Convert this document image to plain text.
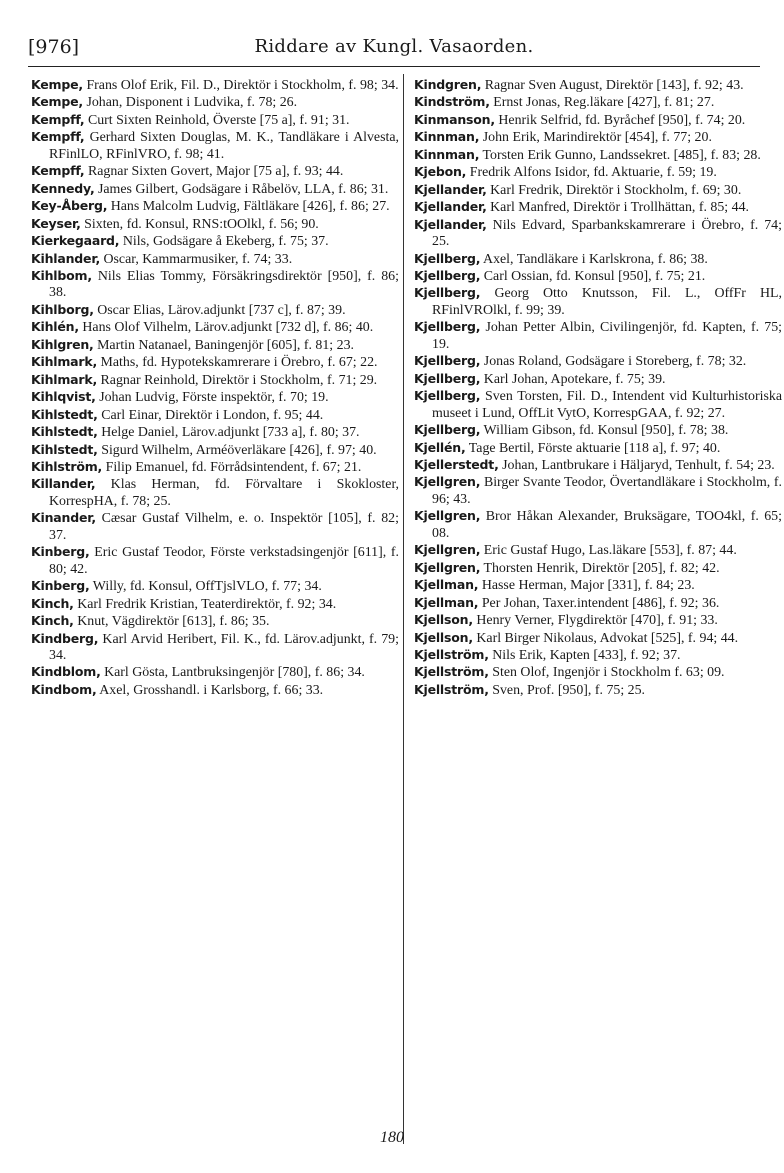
[976]	Riddare av Kungl. Vasaorden.

Kempe, Frans Olof Erik, Fil. D., Direktör i Stockholm, f. 98; 34.

Kempe, Johan, Disponent i Ludvika, f. 78; 26.

Kempff, Curt Sixten Reinhold, Överste [75 a], f. 91; 31.

Kempff, Gerhard Sixten Douglas, M. K., Tandläkare i Alvesta, RFinlLO, RFinlVRO, f. 98; 41.

Kempff, Ragnar Sixten Govert, Major [75 a], f. 93; 44.

Kennedy, James Gilbert, Godsägare i Råbelöv, LLA, f. 86; 31.

Key-Åberg, Hans Malcolm Ludvig, Fältläkare [426], f. 86; 27.

Keyser, Sixten, fd. Konsul, RNS:tOOlkl, f. 56; 90.

Kierkegaard, Nils, Godsägare å Ekeberg, f. 75; 37.

Kihlander, Oscar, Kammarmusiker, f. 74; 33.

Kihlbom, Nils Elias Tommy, Försäkringsdirektör [950], f. 86; 38.

Kihlborg, Oscar Elias, Lärov.adjunkt [737 c], f. 87; 39.

Kihlén, Hans Olof Vilhelm, Lärov.adjunkt [732 d], f. 86; 40.

Kihlgren, Martin Natanael, Baningenjör [605], f. 81; 23.

Kihlmark, Maths, fd. Hypotekskamrerare i Örebro, f. 67; 22.

Kihlmark, Ragnar Reinhold, Direktör i Stockholm, f. 71; 29.

Kihlqvist, Johan Ludvig, Förste inspektör, f. 70; 19.

Kihlstedt, Carl Einar, Direktör i London, f. 95; 44.

Kihlstedt, Helge Daniel, Lärov.adjunkt [733 a], f. 80; 37.

Kihlstedt, Sigurd Wilhelm, Arméöverläkare [426], f. 97; 40.

Kihlström, Filip Emanuel, fd. Förrådsintendent, f. 67; 21.

Killander, Klas Herman, fd. Förvaltare i Skokloster, KorrespHA, f. 78; 25.

Kinander, Cæsar Gustaf Vilhelm, e. o. Inspektör [105], f. 82; 37.

Kinberg, Eric Gustaf Teodor, Förste verkstadsingenjör [611], f. 80; 42.

Kinberg, Willy, fd. Konsul, OffTjslVLO, f. 77; 34.

Kinch, Karl Fredrik Kristian, Teaterdirektör, f. 92; 34.

Kinch, Knut, Vägdirektör [613], f. 86; 35.

Kindberg, Karl Arvid Heribert, Fil. K., fd. Lärov.adjunkt, f. 79; 34.

Kindblom, Karl Gösta, Lantbruksingenjör [780], f. 86; 34.

Kindbom, Axel, Grosshandl. i Karlsborg, f. 66; 33.

Kindgren, Ragnar Sven August, Direktör [143], f. 92; 43.

Kindström, Ernst Jonas, Reg.läkare [427], f. 81; 27.

Kinmanson, Henrik Selfrid, fd. Byråchef [950], f. 74; 20.

Kinnman, John Erik, Marindirektör [454], f. 77; 20.

Kinnman, Torsten Erik Gunno, Landssekret. [485], f. 83; 28.

Kjebon, Fredrik Alfons Isidor, fd. Aktuarie, f. 59; 19.

Kjellander, Karl Fredrik, Direktör i Stockholm, f. 69; 30.

Kjellander, Karl Manfred, Direktör i Trollhättan, f. 85; 44.

Kjellander, Nils Edvard, Sparbankskamrerare i Örebro, f. 74; 25.

Kjellberg, Axel, Tandläkare i Karlskrona, f. 86; 38.

Kjellberg, Carl Ossian, fd. Konsul [950], f. 75; 21.

Kjellberg, Georg Otto Knutsson, Fil. L., OffFr HL, RFinlVROlkl, f. 99; 39.

Kjellberg, Johan Petter Albin, Civilingenjör, fd. Kapten, f. 75; 19.

Kjellberg, Jonas Roland, Godsägare i Storeberg, f. 78; 32.

Kjellberg, Karl Johan, Apotekare, f. 75; 39.

Kjellberg, Sven Torsten, Fil. D., Intendent vid Kulturhistoriska museet i Lund, OffLit VytO, KorrespGAA, f. 92; 27.

Kjellberg, William Gibson, fd. Konsul [950], f. 78; 38.

Kjellén, Tage Bertil, Förste aktuarie [118 a], f. 97; 40.

Kjellerstedt, Johan, Lantbrukare i Häljaryd, Tenhult, f. 54; 23.

Kjellgren, Birger Svante Teodor, Övertandläkare i Stockholm, f. 96; 43.

Kjellgren, Bror Håkan Alexander, Bruksägare, TOO4kl, f. 65; 08.

Kjellgren, Eric Gustaf Hugo, Las.läkare [553], f. 87; 44.

Kjellgren, Thorsten Henrik, Direktör [205], f. 82; 42.

Kjellman, Hasse Herman, Major [331], f. 84; 23.

Kjellman, Per Johan, Taxer.intendent [486], f. 92; 36.

Kjellson, Henry Verner, Flygdirektör [470], f. 91; 33.

Kjellson, Karl Birger Nikolaus, Advokat [525], f. 94; 44.

Kjellström, Nils Erik, Kapten [433], f. 92; 37.

Kjellström, Sten Olof, Ingenjör i Stockholm f. 63; 09.

Kjellström, Sven, Prof. [950], f. 75; 25.

180
